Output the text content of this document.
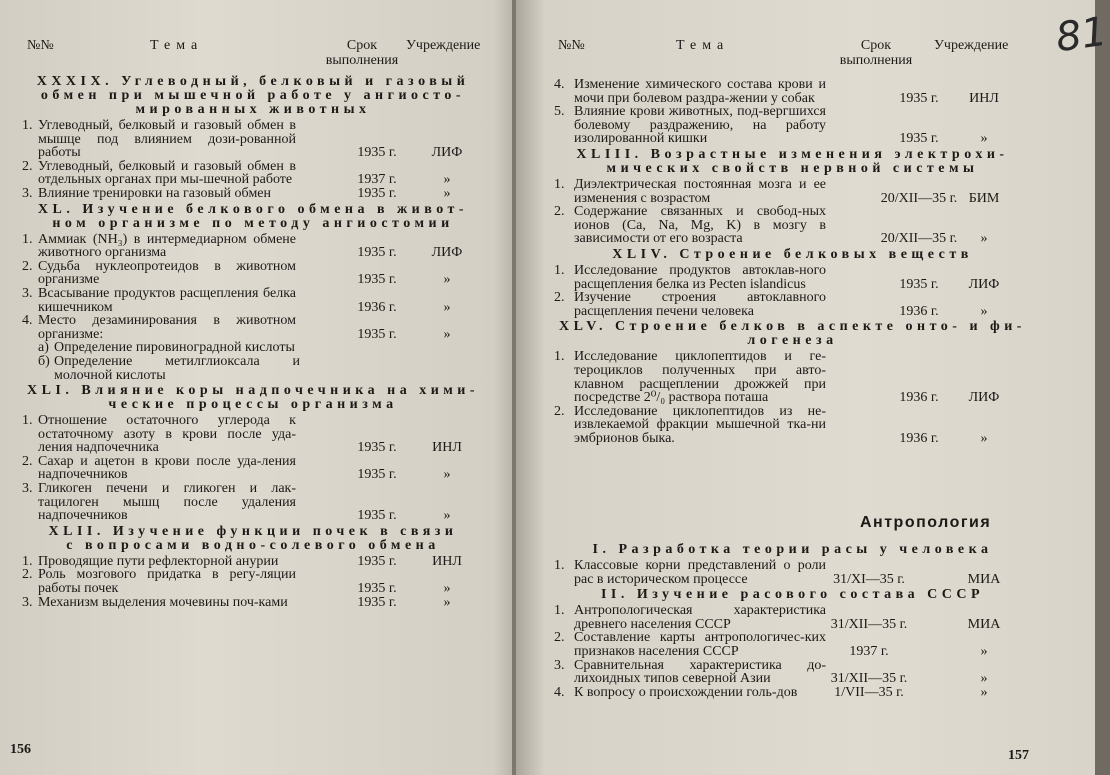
№№	Тема	Срок
выполнения
Учреждение
XXXIX. Углеводный, белковый и газовый
обмен при мышечной работе у ангиосто-
мированных животных
1. Углеводный, белковый и газовый обмен в мышце под влиянием дози-рованной работы	1935 г.	ЛИФ
2. Углеводный, белковый и газовый обмен в отдельных органах при мы-шечной работе	1937 г.	»
3. Влияние тренировки на газовый обмен	1935 г.	»
XL. Изучение белкового обмена в живот-
ном организме по методу ангиостомии
1. Аммиак (NH₃) в интермедиарном обмене животного организма	1935 г.	ЛИФ
2. Судьба нуклеопротеидов в животном организме	1935 г.	»
3. Всасывание продуктов расщепления белка кишечником	1936 г.	»
4. Место дезаминирования в животном организме:	1935 г.	»
а) Определение пировиноградной кислоты
б) Определение метилглиоксала и молочной кислоты
XLI. Влияние коры надпочечника на хими-
ческие процессы организма
1. Отношение остаточного углерода к остаточному азоту в крови после уда-ления надпочечника	1935 г.	ИНЛ
2. Сахар и ацетон в крови после уда-ления надпочечников	1935 г.	»
3. Гликоген печени и гликоген и лак-тацилоген мышц после удаления надпочечников	1935 г.	»
XLII. Изучение функции почек в связи
с вопросами водно-солевого обмена
1. Проводящие пути рефлекторной анурии	1935 г.	ИНЛ
2. Роль мозгового придатка в регу-ляции работы почек	1935 г.	»
3. Механизм выделения мочевины поч-ками	1935 г.	»
156
№№	Тема	Срок
выполнения
Учреждение 81
4. Изменение химического состава крови и мочи при болевом раздра-жении у собак	1935 г.	ИНЛ
5. Влияние крови животных, под-вергшихся болевому раздражению, на работу изолированной кишки	1935 г.	»
XLIII. Возрастные изменения электрохи-
мических свойств нервной системы
1. Диэлектрическая постоянная мозга и ее изменения с возрастом	20/XII—35 г. БИМ
2. Содержание связанных и свобод-ных ионов (Ca, Na, Mg, K) в мозгу в зависимости от его возраста	20/XII—35 г.	»
XLIV. Строение белковых веществ
1. Исследование продуктов автоклав-ного расщепления белка из Pecten islandicus	1935 г.	ЛИФ
2. Изучение строения автоклавного расщепления печени человека	1936 г.	»
XLV. Строение белков в аспекте онто- и фи-
логенеза
1. Исследование циклопептидов и ге-тероциклов полученных при авто-клавном расщеплении дрожжей при посредстве 2⁰/₀ раствора поташа	1936 г.	ЛИФ
2. Исследование циклопептидов из не-извлекаемой фракции мышечной тка-ни эмбрионов быка.	1936 г.	»
Антропология
I. Разработка теории расы у человека
1. Классовые корни представлений о роли рас в историческом процессе	31/XI—35 г.	МИА
II. Изучение расового состава СССР
1. Антропологическая характеристика древнего населения СССР	31/XII—35 г.	МИА
2. Составление карты антропологичес-ких признаков населения СССР	1937 г.	»
3. Сравнительная характеристика до-лихоидных типов северной Азии	31/XII—35 г.	»
4. К вопросу о происхождении голь-дов	1/VII—35 г.	»
157
